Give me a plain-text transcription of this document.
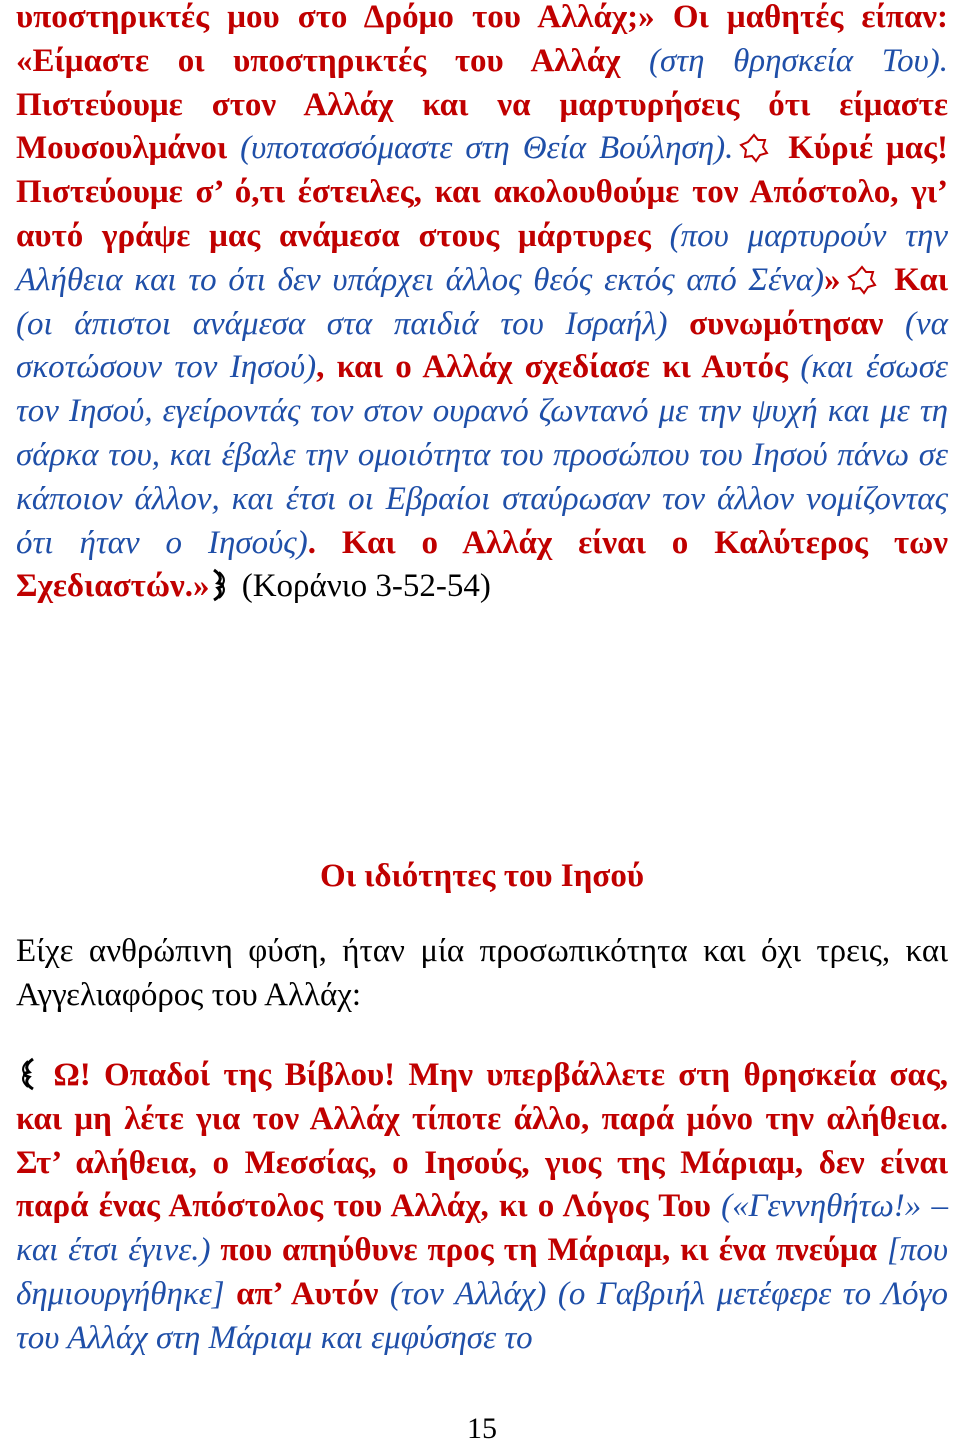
υποστηρικτές μου στο Δρόμο του Αλλάχ;» Οι μαθητές είπαν: «Είμαστε οι υποστηρικτές του Αλλάχ (στη θρησκεία Του). Πιστεύουμε στον Αλλάχ και να μαρτυρήσεις ότι είμαστε Μουσουλμάνοι (υποτασσόμαστε στη Θεία Βούληση). Κύριέ μας! Πιστεύουμε σ’ ό,τι έστειλες, και ακολουθούμε τον Απόστολο, γι’ αυτό γράψε μας ανάμεσα στους μάρτυρες (που μαρτυρούν την Αλήθεια και το ότι δεν υπάρχει άλλος θεός εκτός από Σένα)» Και (οι άπιστοι ανάμεσα στα παιδιά του Ισραήλ) συνωμότησαν (να σκοτώσουν τον Ιησού), και ο Αλλάχ σχεδίασε κι Αυτός (και έσωσε τον Ιησού, εγείροντάς τον στον ουρανό ζωντανό με την ψυχή και με τη σάρκα του, και έβαλε την ομοιότητα του προσώπου του Ιησού πάνω σε κάποιον άλλον, και έτσι οι Εβραίοι σταύρωσαν τον άλλον νομίζοντας ότι ήταν ο Ιησούς). Και ο Αλλάχ είναι ο Καλύτερος των Σχεδιαστών.» (Κοράνιο 3-52-54)

Οι ιδιότητες του Ιησού

Είχε ανθρώπινη φύση, ήταν μία προσωπικότητα και όχι τρεις, και Αγγελιαφόρος του Αλλάχ:

Ω! Οπαδοί της Βίβλου! Μην υπερβάλλετε στη θρησκεία σας, και μη λέτε για τον Αλλάχ τίποτε άλλο, παρά μόνο την αλήθεια. Στ’ αλήθεια, ο Μεσσίας, ο Ιησούς, γιος της Μάριαμ, δεν είναι παρά ένας Απόστολος του Αλλάχ, κι ο Λόγος Του («Γεννηθήτω!» –και έτσι έγινε.) που απηύθυνε προς τη Μάριαμ, κι ένα πνεύμα [που δημιουργήθηκε] απ’ Αυτόν (τον Αλλάχ) (ο Γαβριήλ μετέφερε το Λόγο του Αλλάχ στη Μάριαμ και εμφύσησε το

15
